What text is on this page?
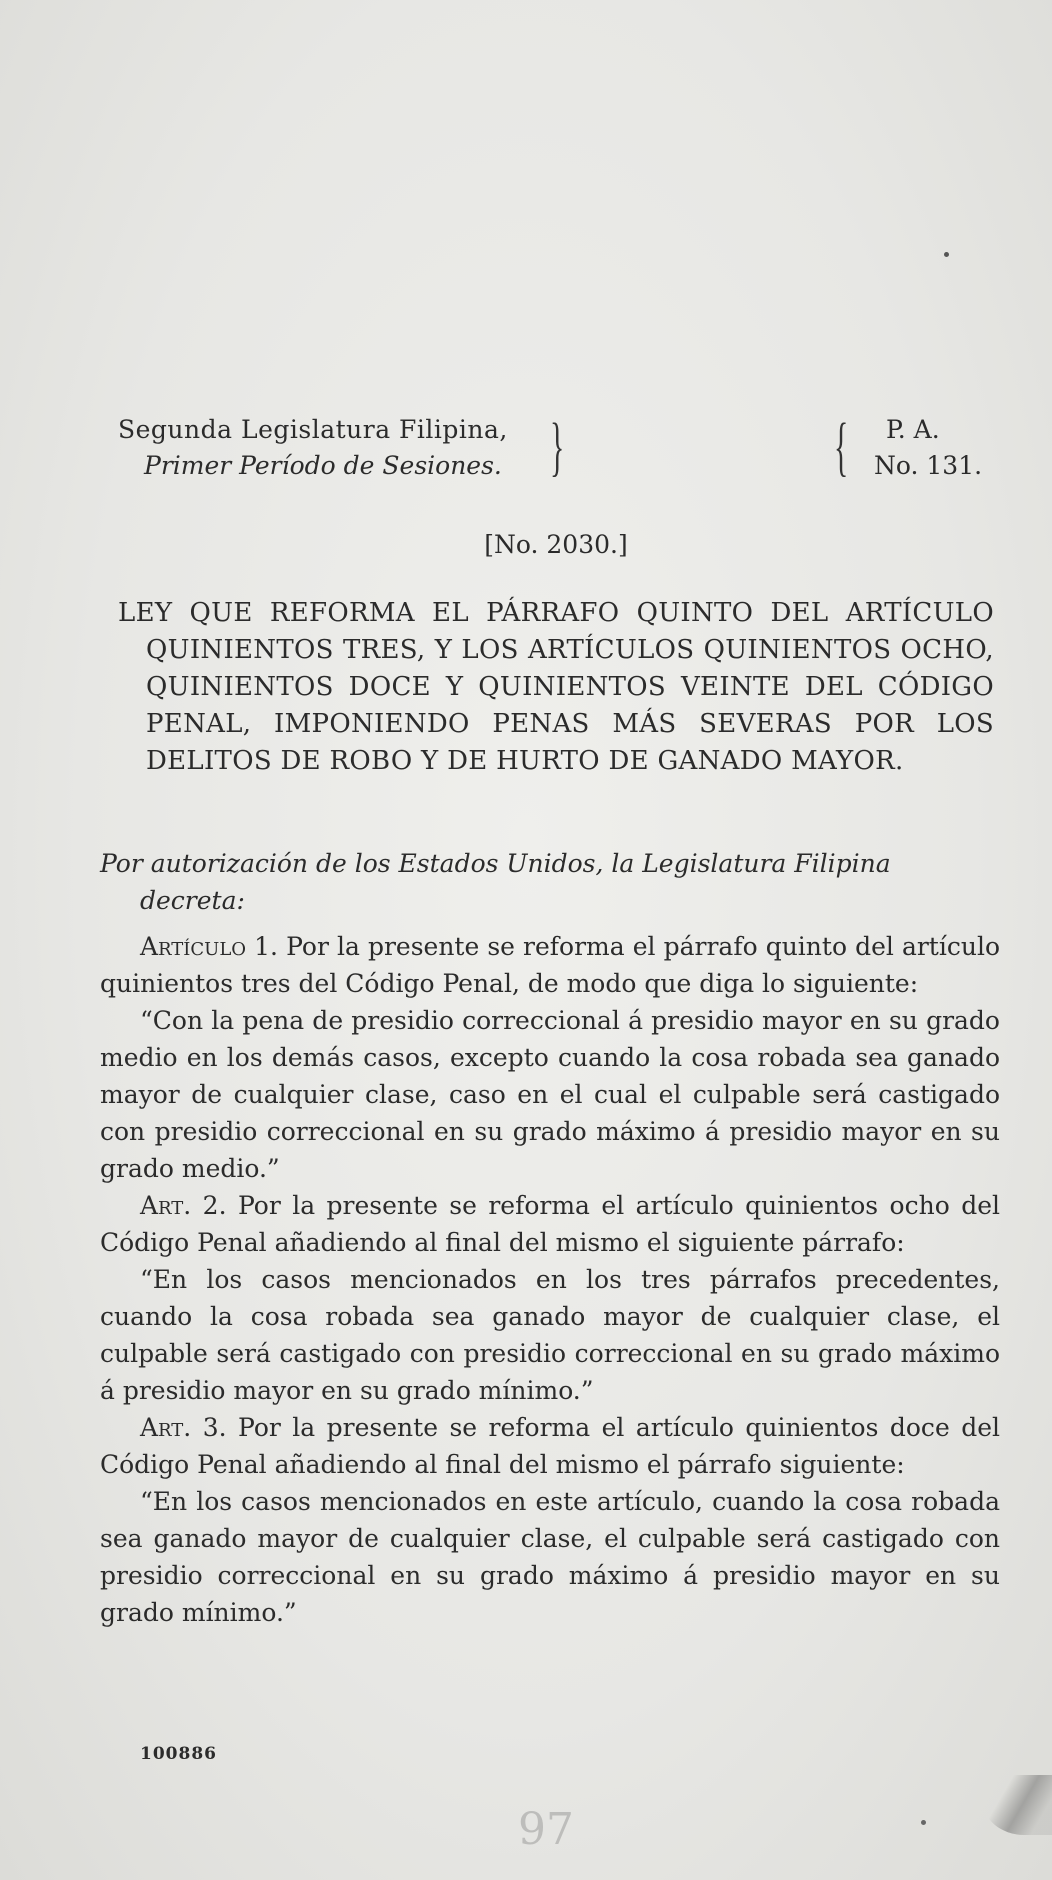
Segunda Legislatura Filipina,
Primer Período de Sesiones. }	{	P. A.
No. 131.
[No. 2030.]
LEY QUE REFORMA EL PÁRRAFO QUINTO DEL ARTÍCULO QUINIENTOS TRES, Y LOS ARTÍCULOS QUINIENTOS OCHO, QUINIENTOS DOCE Y QUINIENTOS VEINTE DEL CÓDIGO PENAL, IMPONIENDO PENAS MÁS SEVERAS POR LOS DELITOS DE ROBO Y DE HURTO DE GANADO MAYOR.
Por autorización de los Estados Unidos, la Legislatura Filipina decreta:

Artículo 1. Por la presente se reforma el párrafo quinto del artículo quinientos tres del Código Penal, de modo que diga lo siguiente:

“Con la pena de presidio correccional á presidio mayor en su grado medio en los demás casos, excepto cuando la cosa robada sea ganado mayor de cualquier clase, caso en el cual el culpable será castigado con presidio correccional en su grado máximo á presidio mayor en su grado medio.”

Art. 2. Por la presente se reforma el artículo quinientos ocho del Código Penal añadiendo al final del mismo el siguiente párrafo:

“En los casos mencionados en los tres párrafos precedentes, cuando la cosa robada sea ganado mayor de cualquier clase, el culpable será castigado con presidio correccional en su grado máximo á presidio mayor en su grado mínimo.”

Art. 3. Por la presente se reforma el artículo quinientos doce del Código Penal añadiendo al final del mismo el párrafo siguiente:

“En los casos mencionados en este artículo, cuando la cosa robada sea ganado mayor de cualquier clase, el culpable será castigado con presidio correccional en su grado máximo á presidio mayor en su grado mínimo.”

100886
97
